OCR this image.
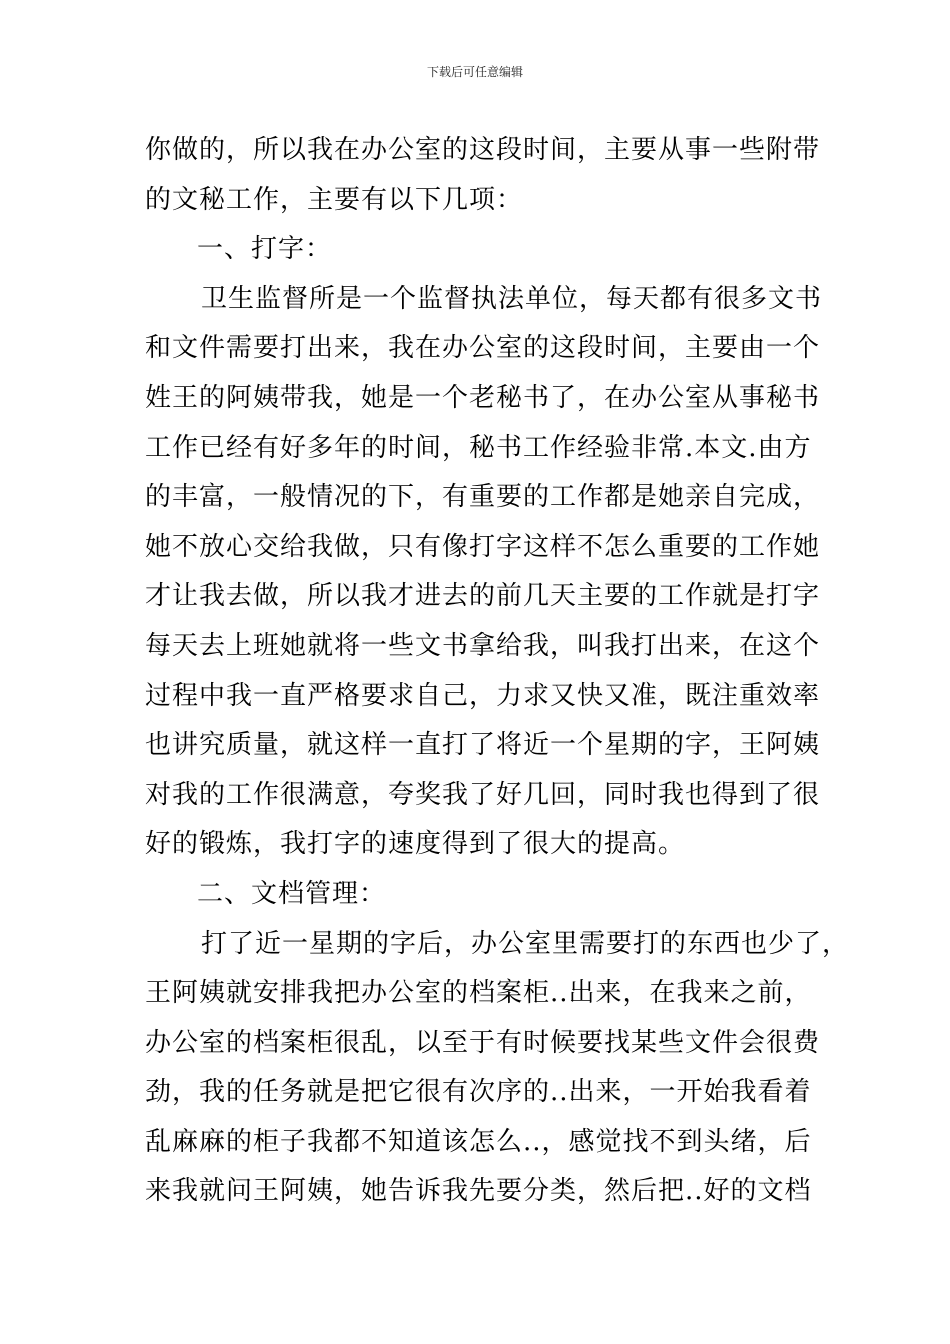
下载后可任意编辑
你做的，所以我在办公室的这段时间，主要从事一些附带
的文秘工作，主要有以下几项：
一、打字：
卫生监督所是一个监督执法单位，每天都有很多文书
和文件需要打出来，我在办公室的这段时间，主要由一个
姓王的阿姨带我，她是一个老秘书了，在办公室从事秘书
工作已经有好多年的时间，秘书工作经验非常.本文.由方
的丰富，一般情况的下，有重要的工作都是她亲自完成，
她不放心交给我做，只有像打字这样不怎么重要的工作她
才让我去做，所以我才进去的前几天主要的工作就是打字
每天去上班她就将一些文书拿给我，叫我打出来，在这个
过程中我一直严格要求自己，力求又快又准，既注重效率
也讲究质量，就这样一直打了将近一个星期的字，王阿姨
对我的工作很满意，夸奖我了好几回，同时我也得到了很
好的锻炼，我打字的速度得到了很大的提高。
二、文档管理：
打了近一星期的字后，办公室里需要打的东西也少了，
王阿姨就安排我把办公室的档案柜..出来，在我来之前，
办公室的档案柜很乱，以至于有时候要找某些文件会很费
劲，我的任务就是把它很有次序的..出来，一开始我看着
乱麻麻的柜子我都不知道该怎么..，感觉找不到头绪，后
来我就问王阿姨，她告诉我先要分类，然后把..好的文档
